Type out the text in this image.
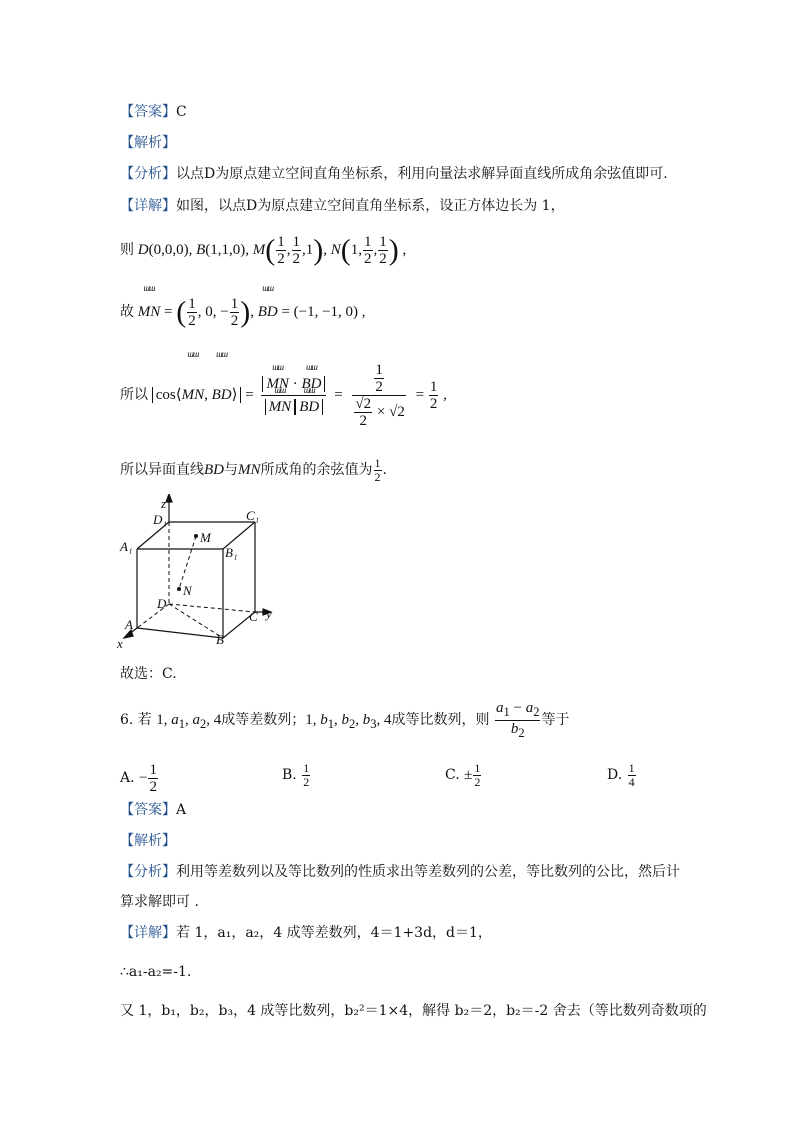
【答案】C
【解析】
【分析】以点D为原点建立空间直角坐标系，利用向量法求解异面直线所成角余弦值即可.
【详解】如图，以点D为原点建立空间直角坐标系，设正方体边长为 1，
则 D(0,0,0), B(1,1,0), $M( \frac{1}{2}$ , $\frac{1}{2} ,1$), N(1, $\frac{1}{2}$ , $\frac{1}{2}$ ) ,
故 ɯɯ MN = ( $\frac{1}{2}$ , 0, − $\frac{1}{2}$ ), ɯɯ BD = (−1, −1, 0) ,
所以 cos⟨ɯɯ MN, ɯɯ BD⟩ = ɯɯ MN · ɯɯ BD
ɯɯ MN ɯɯ BD = $\frac{\frac{1}{2}}{\frac{√2}{2} \times √2} = \frac{1}{2}$ ,
所以异面直线BD与MN所成角的余弦值为 $\frac{1}{2}$ .
z
D₁	C₁
A₁	B₁
M
N
D
C y
A
B
x
故选：C.
6. 若 1, $a_1$, $a_2$, 4成等差数列；1, $b_1$, $b_2$, $b_3$, 4成等比数列，则 $\frac{a_1 - a_2}{b_2}$ 等于
A. − $\frac{1}{2}$	B. $\frac{1}{2}$	C. ± $\frac{1}{2}$	D. $\frac{1}{4}$
【答案】A
【解析】
【分析】利用等差数列以及等比数列的性质求出等差数列的公差，等比数列的公比，然后计
算求解即可 .
【详解】若 1，a₁，a₂，4 成等差数列，4＝1+3d，d＝1，
∴a₁-a₂=-1.
又 1，b₁，b₂，b₃，4 成等比数列，b₂²＝1×4，解得 b₂＝2，b₂＝-2 舍去（等比数列奇数项的
